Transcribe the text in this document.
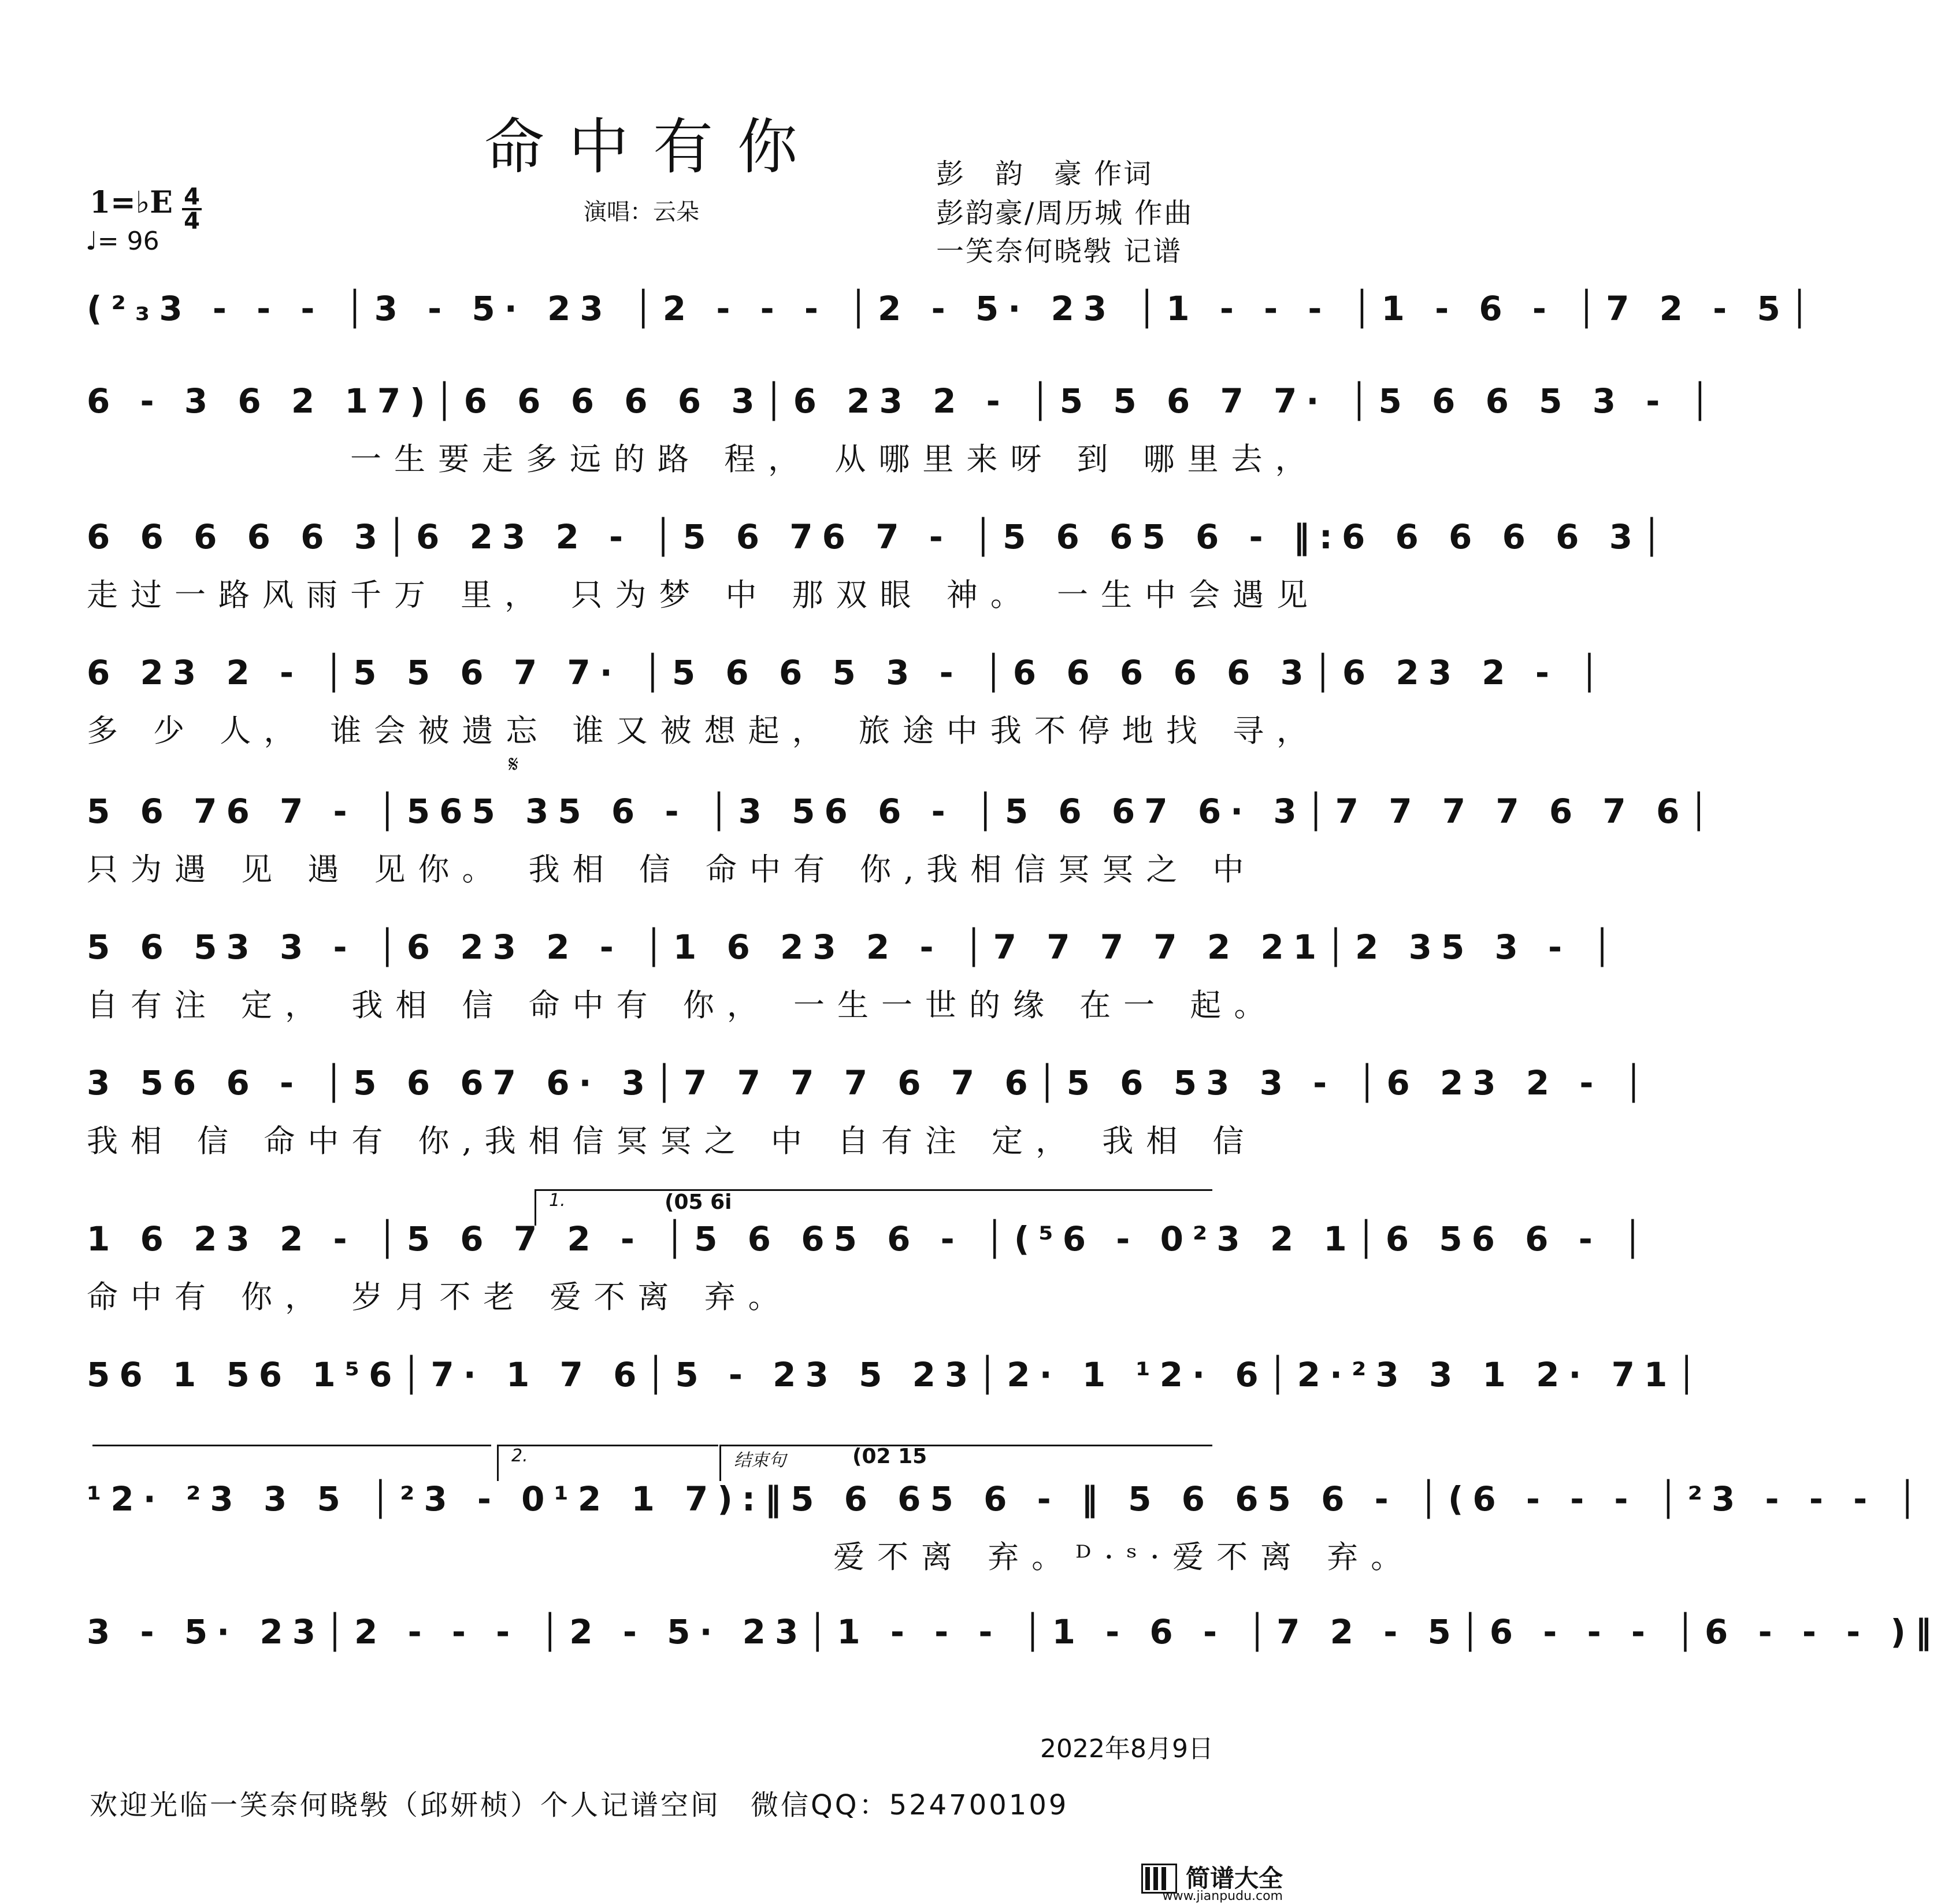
命中有你	彭　韵　豪 作词
彭韵豪/周历城 作曲
一笑奈何晓斅 记谱
1=♭E 4
4
♩= 96
演唱：云朵
(²₃3 - - - │3 - 5· 23 │2 - - - │2 - 5· 23 │1 - - - │1 - 6 - │7 2 - 5│
6 - 3 6 2 17)│6 6 6 6 6 3│6 23 2 - │5 5 6 7 7· │5 6 6 5 3 - │
　　　　　　一生要走多远的路 程， 从哪里来呀 到 哪里去，
6 6 6 6 6 3│6 23 2 - │5 6 76 7 - │5 6 65 6 - ‖:6 6 6 6 6 3│
走过一路风雨千万 里， 只为梦 中 那双眼 神。 一生中会遇见
6 23 2 - │5 5 6 7 7· │5 6 6 5 3 - │6 6 6 6 6 3│6 23 2 - │
多 少 人， 谁会被遗忘 谁又被想起， 旅途中我不停地找 寻，
𝄋
5 6 76 7 - │565 35 6 - │3 56 6 - │5 6 67 6· 3│7 7 7 7 6 7 6│
只为遇 见 遇 见你。 我相 信 命中有 你,我相信冥冥之 中
5 6 53 3 - │6 23 2 - │1 6 23 2 - │7 7 7 7 2 21│2 35 3 - │
自有注 定， 我相 信 命中有 你， 一生一世的缘 在一 起。
3 56 6 - │5 6 67 6· 3│7 7 7 7 6 7 6│5 6 53 3 - │6 23 2 - │
我相 信 命中有 你,我相信冥冥之 中 自有注 定， 我相 信
1.	(05 6i
1 6 23 2 - │5 6 7 2 - │5 6 65 6 - │(⁵6 - 0²3 2 1│6 56 6 - │
命中有 你， 岁月不老 爱不离 弃。
56 1 56 1⁵6│7· 1 7 6│5 - 23 5 23│2· 1 ¹2· 6│2·²3 3 1 2· 71│
2.	结束句	(02 15
¹2· ²3 3 5 │²3 - 0¹2 1 7):‖5 6 65 6 - ‖ 5 6 65 6 - │(6 - - - │²3 - - - │
　　　　　　　　　　　　　　　　　爱不离 弃。ᴰ·ˢ·爱不离 弃。
3 - 5· 23│2 - - - │2 - 5· 23│1 - - - │1 - 6 - │7 2 - 5│6 - - - │6 - - - )‖
2022年8月9日
欢迎光临一笑奈何晓斅（邱妍桢）个人记谱空间　微信QQ：524700109
简谱大全
www.jianpudu.com
